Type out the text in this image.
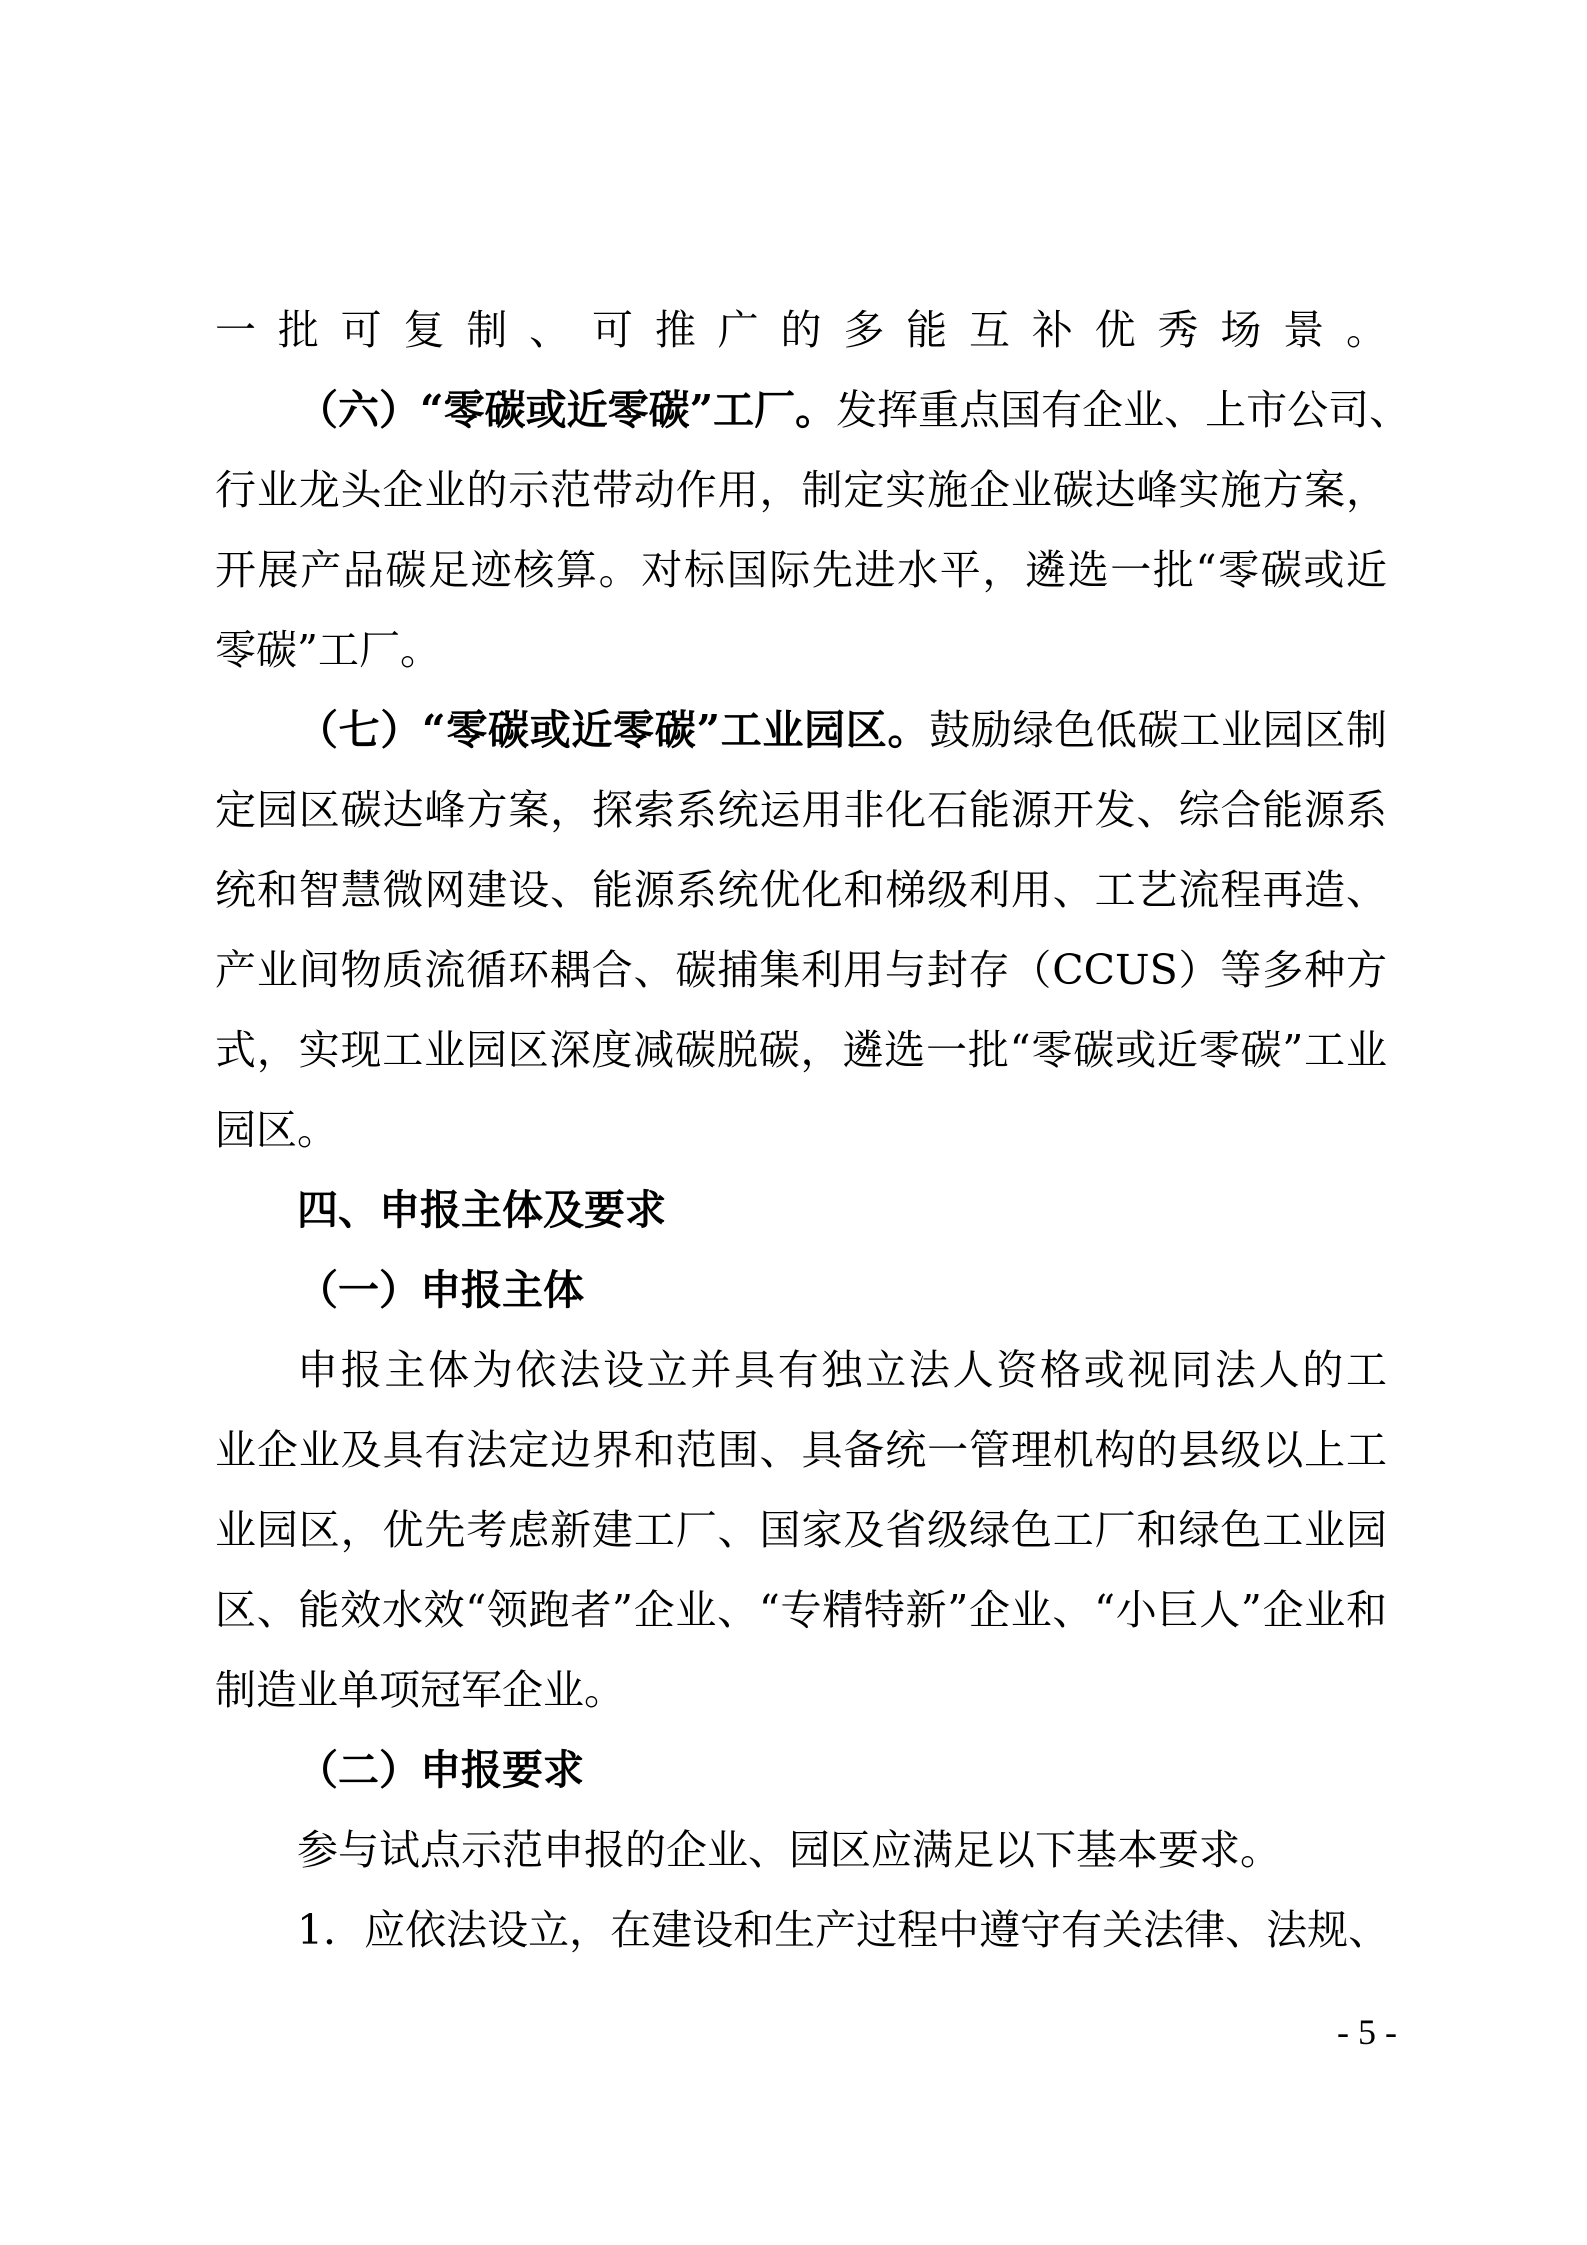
一批可复制、可推广的多能互补优秀场景。
（六）“零碳或近零碳”工厂。发挥重点国有企业、上市公司、
行业龙头企业的示范带动作用，制定实施企业碳达峰实施方案，
开展产品碳足迹核算。对标国际先进水平，遴选一批“零碳或近
零碳”工厂。
（七）“零碳或近零碳”工业园区。鼓励绿色低碳工业园区制
定园区碳达峰方案，探索系统运用非化石能源开发、综合能源系
统和智慧微网建设、能源系统优化和梯级利用、工艺流程再造、
产业间物质流循环耦合、碳捕集利用与封存（CCUS）等多种方
式，实现工业园区深度减碳脱碳，遴选一批“零碳或近零碳”工业
园区。
四、申报主体及要求
（一）申报主体
申报主体为依法设立并具有独立法人资格或视同法人的工
业企业及具有法定边界和范围、具备统一管理机构的县级以上工
业园区，优先考虑新建工厂、国家及省级绿色工厂和绿色工业园
区、能效水效“领跑者”企业、“专精特新”企业、“小巨人”企业和
制造业单项冠军企业。
（二）申报要求
参与试点示范申报的企业、园区应满足以下基本要求。
1．应依法设立，在建设和生产过程中遵守有关法律、法规、
- 5 -
